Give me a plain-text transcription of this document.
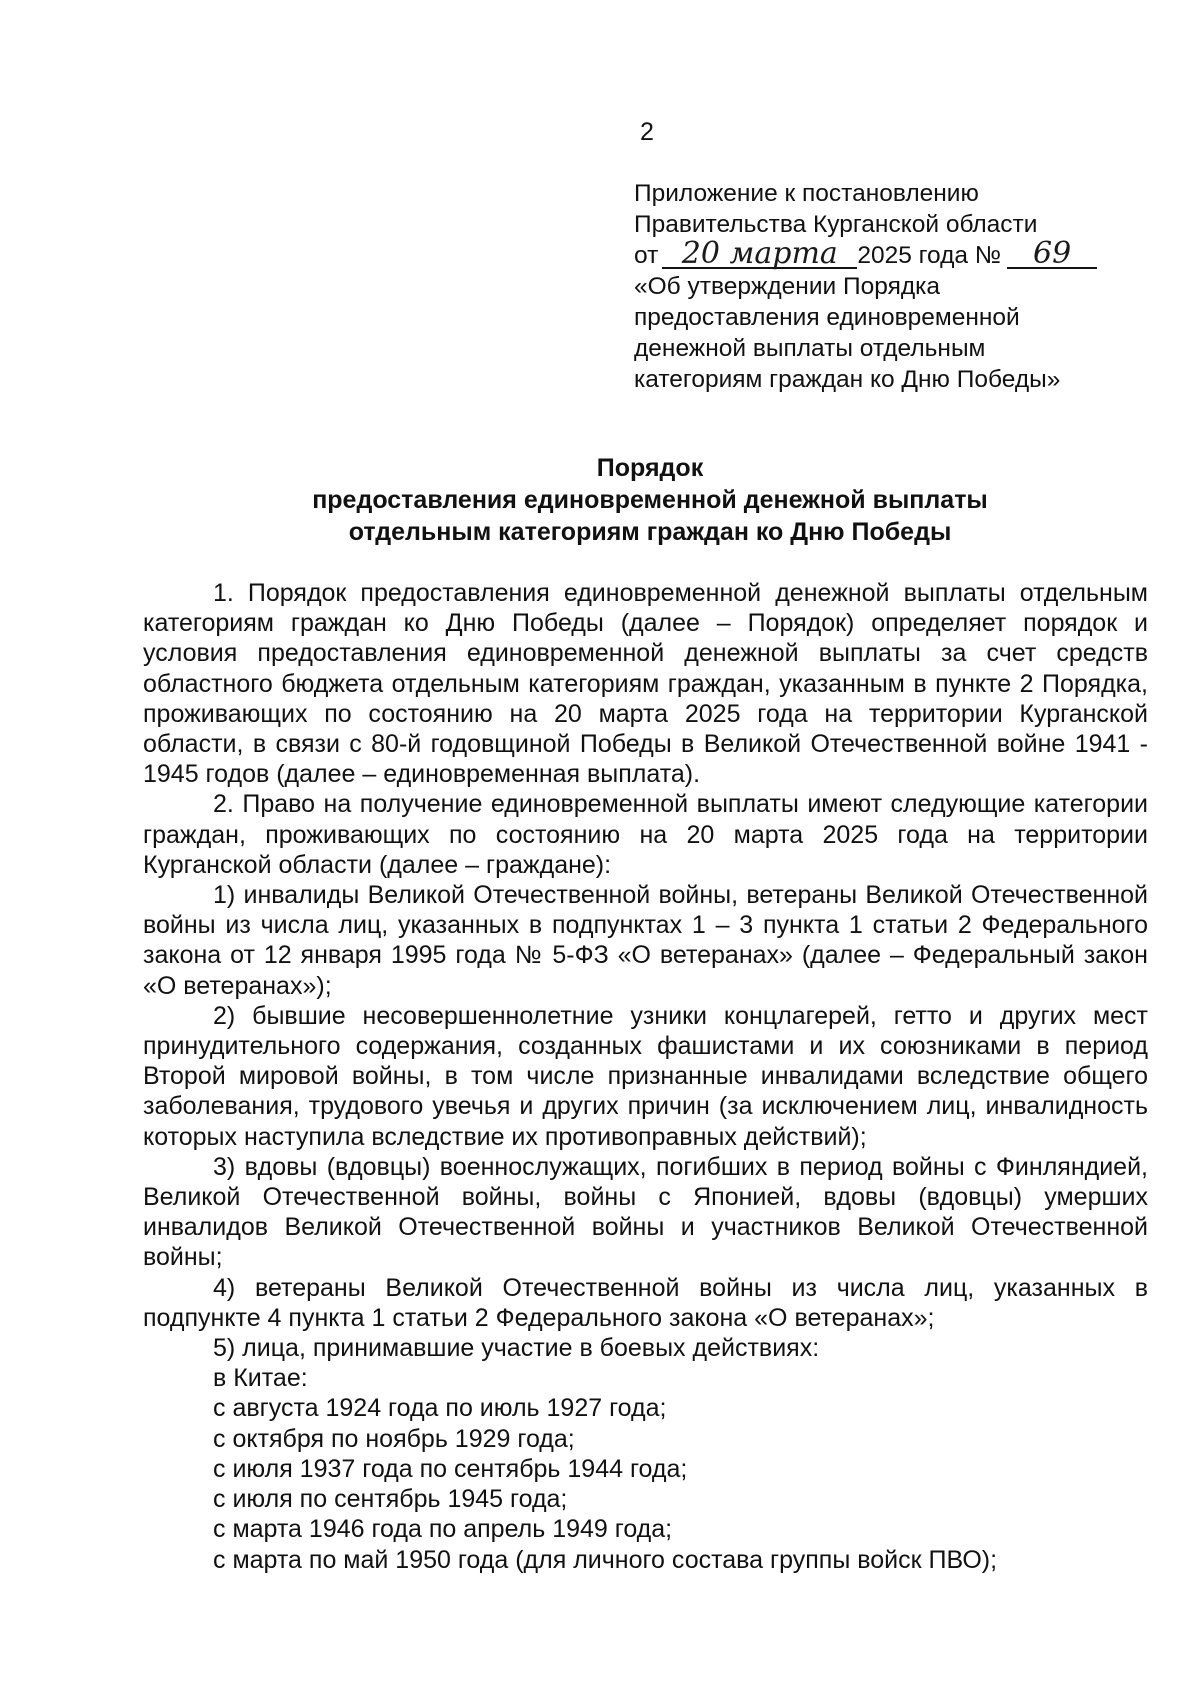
2
Приложение к постановлению
Правительства Курганской области
от 20 марта 2025 года № 69
«Об утверждении Порядка
предоставления единовременной
денежной выплаты отдельным
категориям граждан ко Дню Победы»
Порядок
предоставления единовременной денежной выплаты
отдельным категориям граждан ко Дню Победы

1. Порядок предоставления единовременной денежной выплаты отдельным категориям граждан ко Дню Победы (далее – Порядок) определяет порядок и условия предоставления единовременной денежной выплаты за счет средств областного бюджета отдельным категориям граждан, указанным в пункте 2 Порядка, проживающих по состоянию на 20 марта 2025 года на территории Курганской области, в связи с 80-й годовщиной Победы в Великой Отечественной войне 1941 - 1945 годов (далее – единовременная выплата).

2. Право на получение единовременной выплаты имеют следующие категории граждан, проживающих по состоянию на 20 марта 2025 года на территории Курганской области (далее – граждане):

1) инвалиды Великой Отечественной войны, ветераны Великой Отечественной войны из числа лиц, указанных в подпунктах 1 – 3 пункта 1 статьи 2 Федерального закона от 12 января 1995 года № 5-ФЗ «О ветеранах» (далее – Федеральный закон «О ветеранах»);

2) бывшие несовершеннолетние узники концлагерей, гетто и других мест принудительного содержания, созданных фашистами и их союзниками в период Второй мировой войны, в том числе признанные инвалидами вследствие общего заболевания, трудового увечья и других причин (за исключением лиц, инвалидность которых наступила вследствие их противоправных действий);

3) вдовы (вдовцы) военнослужащих, погибших в период войны с Финляндией, Великой Отечественной войны, войны с Японией, вдовы (вдовцы) умерших инвалидов Великой Отечественной войны и участников Великой Отечественной войны;

4) ветераны Великой Отечественной войны из числа лиц, указанных в подпункте 4 пункта 1 статьи 2 Федерального закона «О ветеранах»;

5) лица, принимавшие участие в боевых действиях:

в Китае:

с августа 1924 года по июль 1927 года;

с октября по ноябрь 1929 года;

с июля 1937 года по сентябрь 1944 года;

с июля по сентябрь 1945 года;

с марта 1946 года по апрель 1949 года;

с марта по май 1950 года (для личного состава группы войск ПВО);
